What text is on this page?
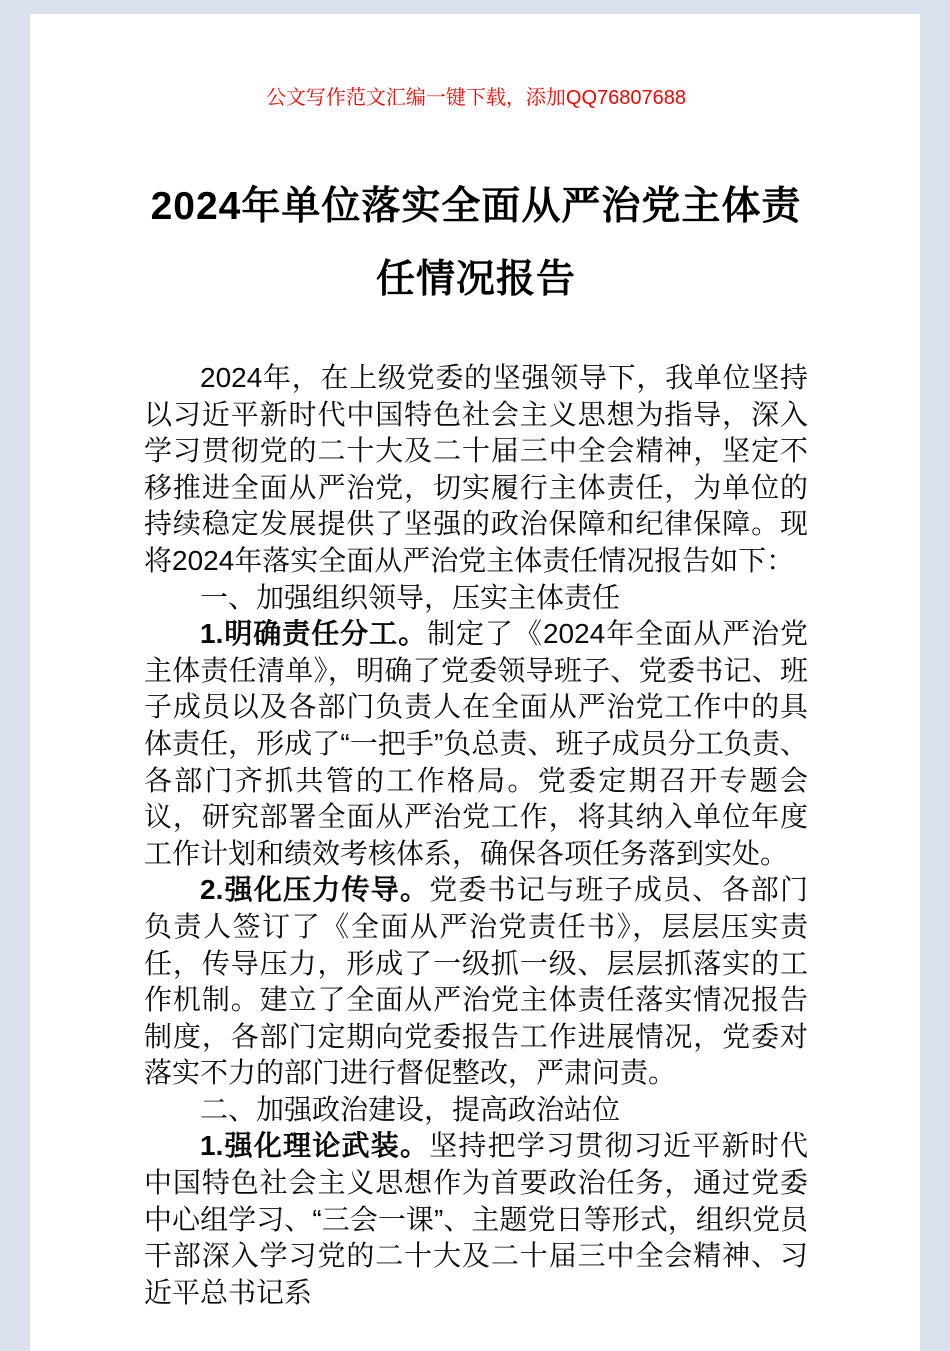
公文写作范文汇编一键下载，添加QQ76807688
2024年单位落实全面从严治党主体责任情况报告

2024年，在上级党委的坚强领导下，我单位坚持以习近平新时代中国特色社会主义思想为指导，深入学习贯彻党的二十大及二十届三中全会精神，坚定不移推进全面从严治党，切实履行主体责任，为单位的持续稳定发展提供了坚强的政治保障和纪律保障。现将2024年落实全面从严治党主体责任情况报告如下：

一、加强组织领导，压实主体责任

1.明确责任分工。制定了《2024年全面从严治党主体责任清单》，明确了党委领导班子、党委书记、班子成员以及各部门负责人在全面从严治党工作中的具体责任，形成了“一把手”负总责、班子成员分工负责、各部门齐抓共管的工作格局。党委定期召开专题会议，研究部署全面从严治党工作，将其纳入单位年度工作计划和绩效考核体系，确保各项任务落到实处。

2.强化压力传导。党委书记与班子成员、各部门负责人签订了《全面从严治党责任书》，层层压实责任，传导压力，形成了一级抓一级、层层抓落实的工作机制。建立了全面从严治党主体责任落实情况报告制度，各部门定期向党委报告工作进展情况，党委对落实不力的部门进行督促整改，严肃问责。

二、加强政治建设，提高政治站位

1.强化理论武装。坚持把学习贯彻习近平新时代中国特色社会主义思想作为首要政治任务，通过党委中心组学习、“三会一课”、主题党日等形式，组织党员干部深入学习党的二十大及二十届三中全会精神、习近平总书记系
